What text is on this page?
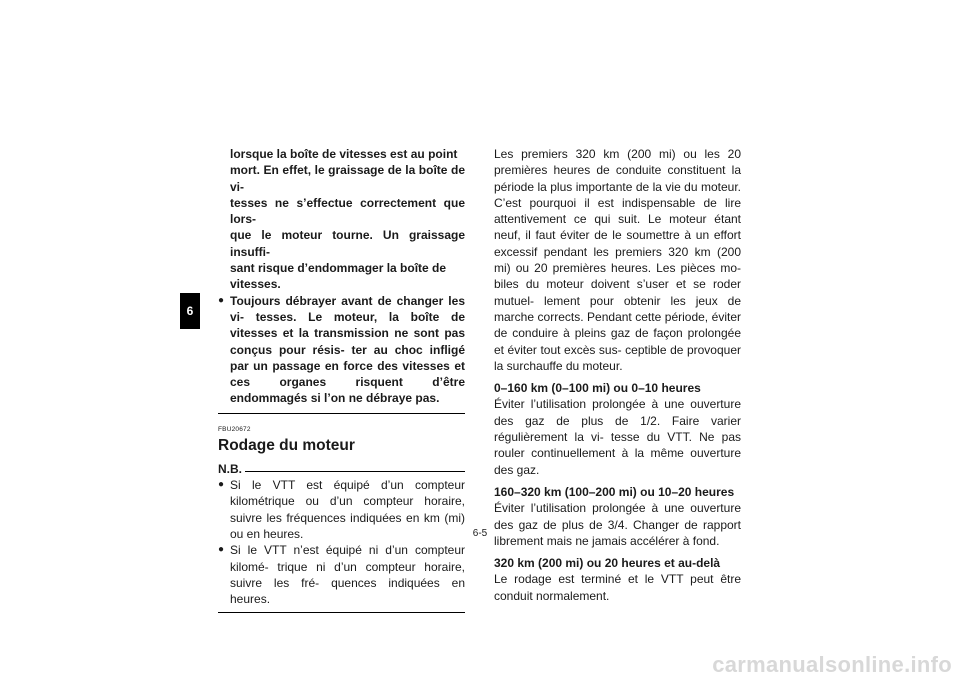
6
lorsque la boîte de vitesses est au point
mort. En effet, le graissage de la boîte de vi-
tesses ne s’effectue correctement que lors-
que le moteur tourne. Un graissage insuffi-
sant risque d’endommager la boîte de
vitesses.
● Toujours débrayer avant de changer les vi- tesses. Le moteur, la boîte de vitesses et la transmission ne sont pas conçus pour résis- ter au choc infligé par un passage en force des vitesses et ces organes risquent d’être endommagés si l’on ne débraye pas.

FBU20672
Rodage du moteur
N.B.
● Si le VTT est équipé d’un compteur kilométrique ou d’un compteur horaire, suivre les fréquences indiquées en km (mi) ou en heures.

● Si le VTT n’est équipé ni d’un compteur kilomé- trique ni d’un compteur horaire, suivre les fré- quences indiquées en heures.

Les premiers 320 km (200 mi) ou les 20 premières heures de conduite constituent la période la plus importante de la vie du moteur. C’est pourquoi il est indispensable de lire attentivement ce qui suit. Le moteur étant neuf, il faut éviter de le soumettre à un effort excessif pendant les premiers 320 km (200 mi) ou 20 premières heures. Les pièces mo- biles du moteur doivent s’user et se roder mutuel- lement pour obtenir les jeux de marche corrects. Pendant cette période, éviter de conduire à pleins gaz de façon prolongée et éviter tout excès sus- ceptible de provoquer la surchauffe du moteur.

0–160 km (0–100 mi) ou 0–10 heures

Éviter l’utilisation prolongée à une ouverture des gaz de plus de 1/2. Faire varier régulièrement la vi- tesse du VTT. Ne pas rouler continuellement à la même ouverture des gaz.

160–320 km (100–200 mi) ou 10–20 heures

Éviter l’utilisation prolongée à une ouverture des gaz de plus de 3/4. Changer de rapport librement mais ne jamais accélérer à fond.

320 km (200 mi) ou 20 heures et au-delà

Le rodage est terminé et le VTT peut être conduit normalement.

6-5
carmanualsonline.info
